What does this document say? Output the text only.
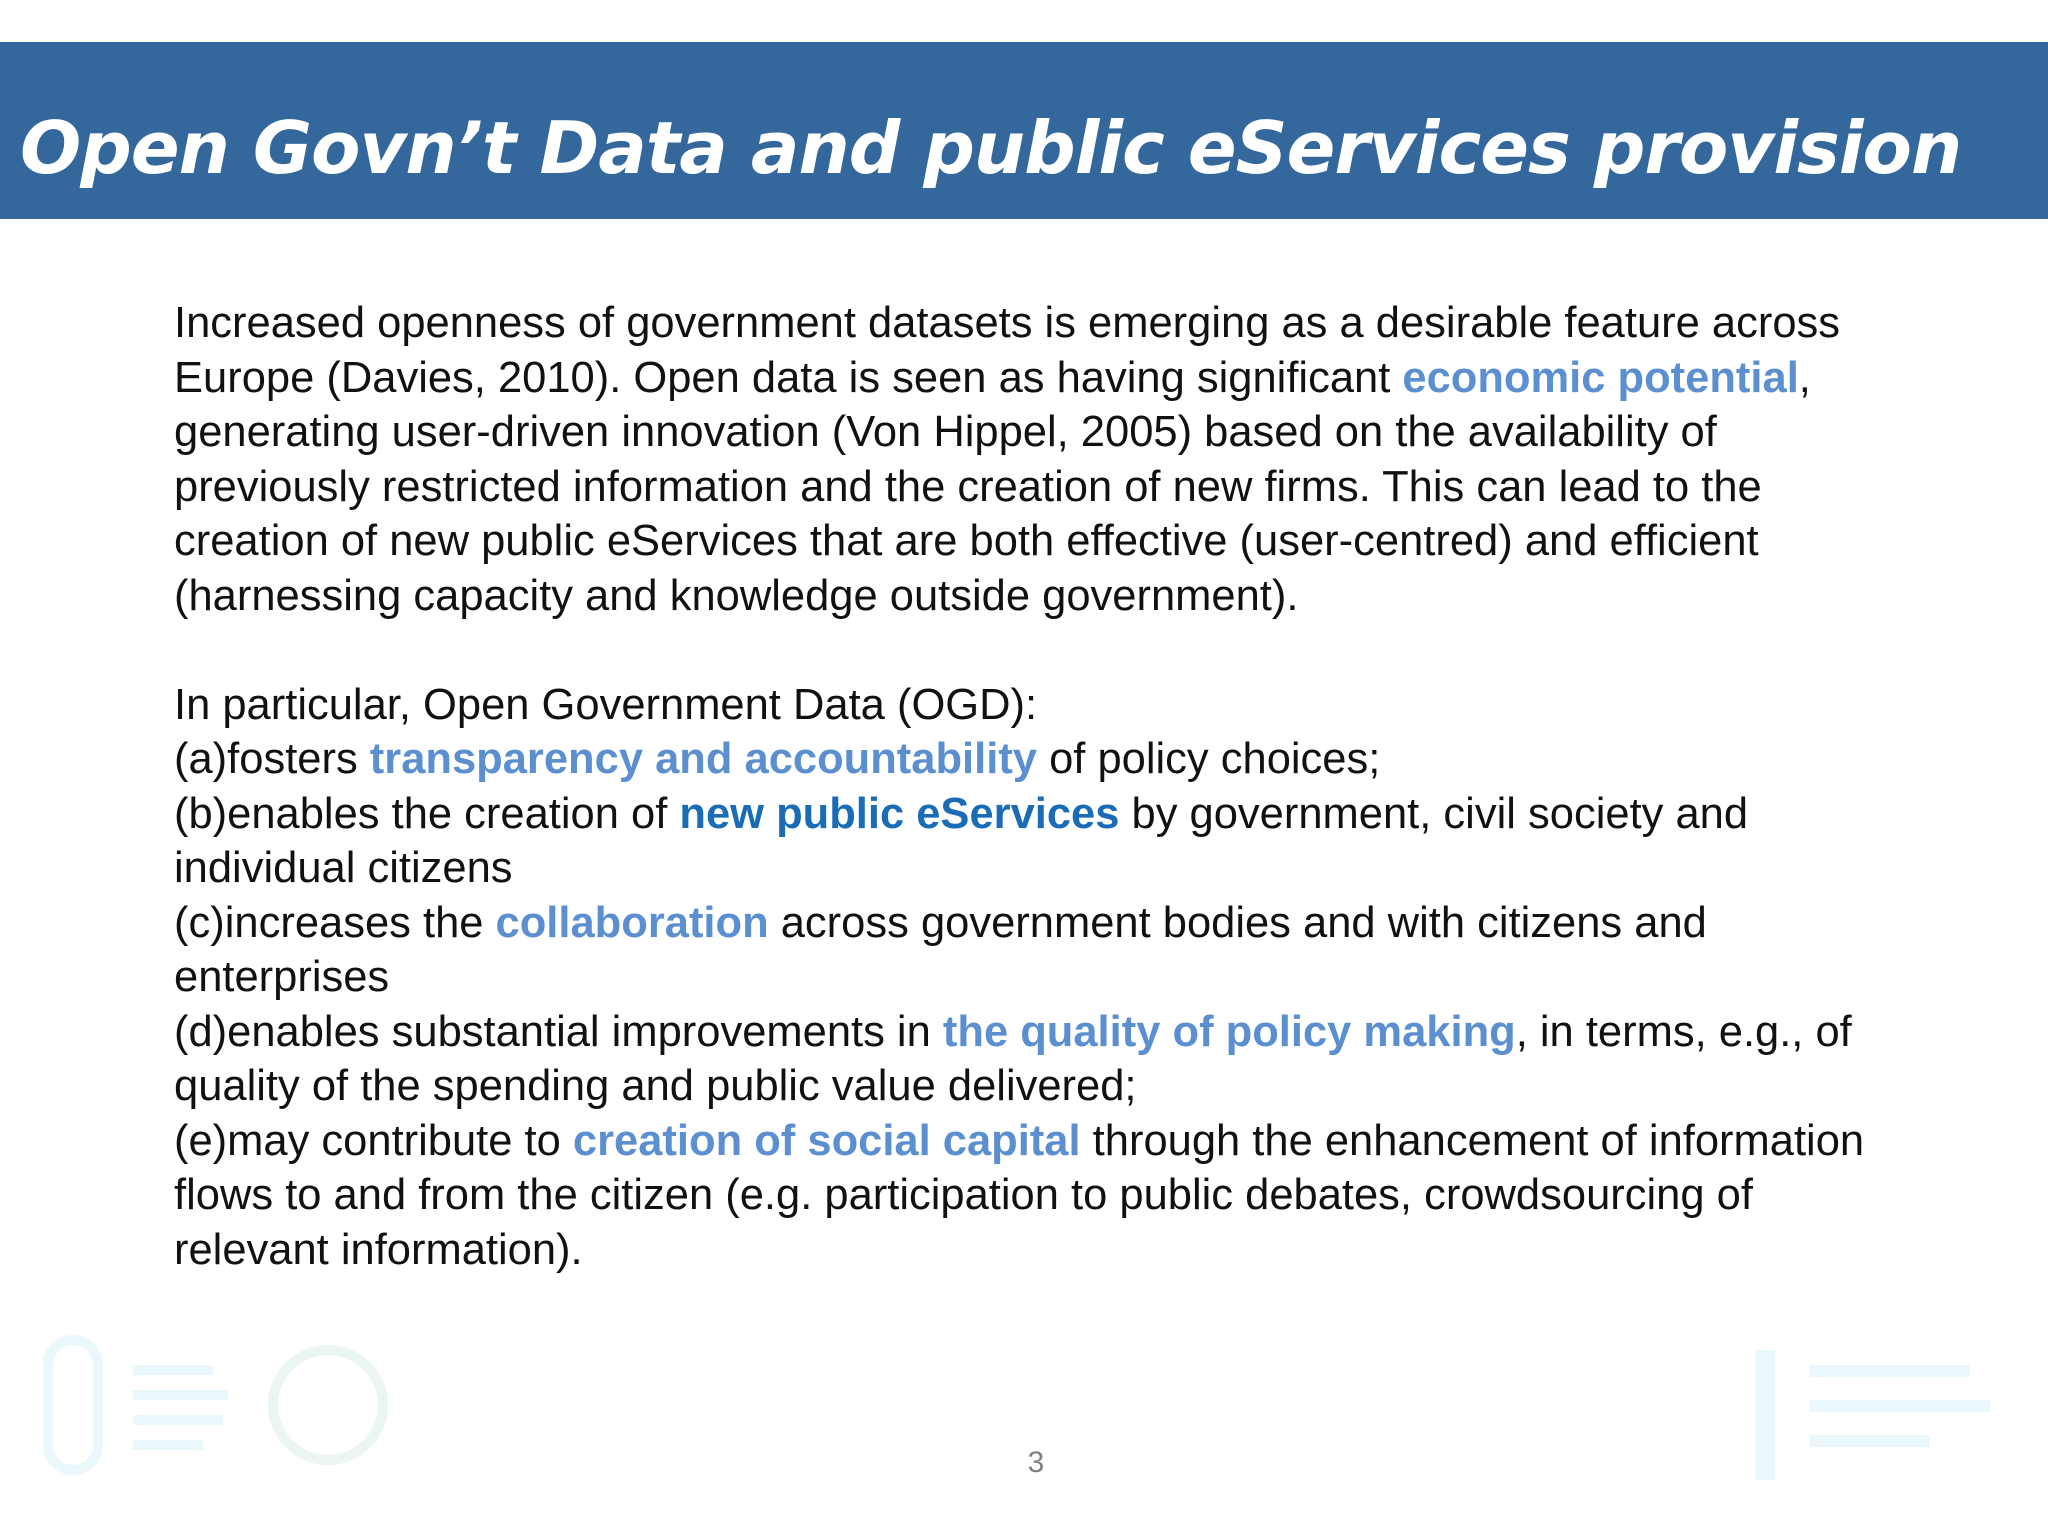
Open Govn’t Data and public eServices provision
Increased openness of government datasets is emerging as a desirable feature across
Europe (Davies, 2010). Open data is seen as having significant economic potential,
generating user-driven innovation (Von Hippel, 2005) based on the availability of
previously restricted information and the creation of new firms. This can lead to the
creation of new public eServices that are both effective (user-centred) and efficient
(harnessing capacity and knowledge outside government).
In particular, Open Government Data (OGD):
(a)fosters transparency and accountability of policy choices;
(b)enables the creation of new public eServices by government, civil society and
individual citizens
(c)increases the collaboration across government bodies and with citizens and
enterprises
(d)enables substantial improvements in the quality of policy making, in terms, e.g., of
quality of the spending and public value delivered;
(e)may contribute to creation of social capital through the enhancement of information
flows to and from the citizen (e.g. participation to public debates, crowdsourcing of
relevant information).
3
